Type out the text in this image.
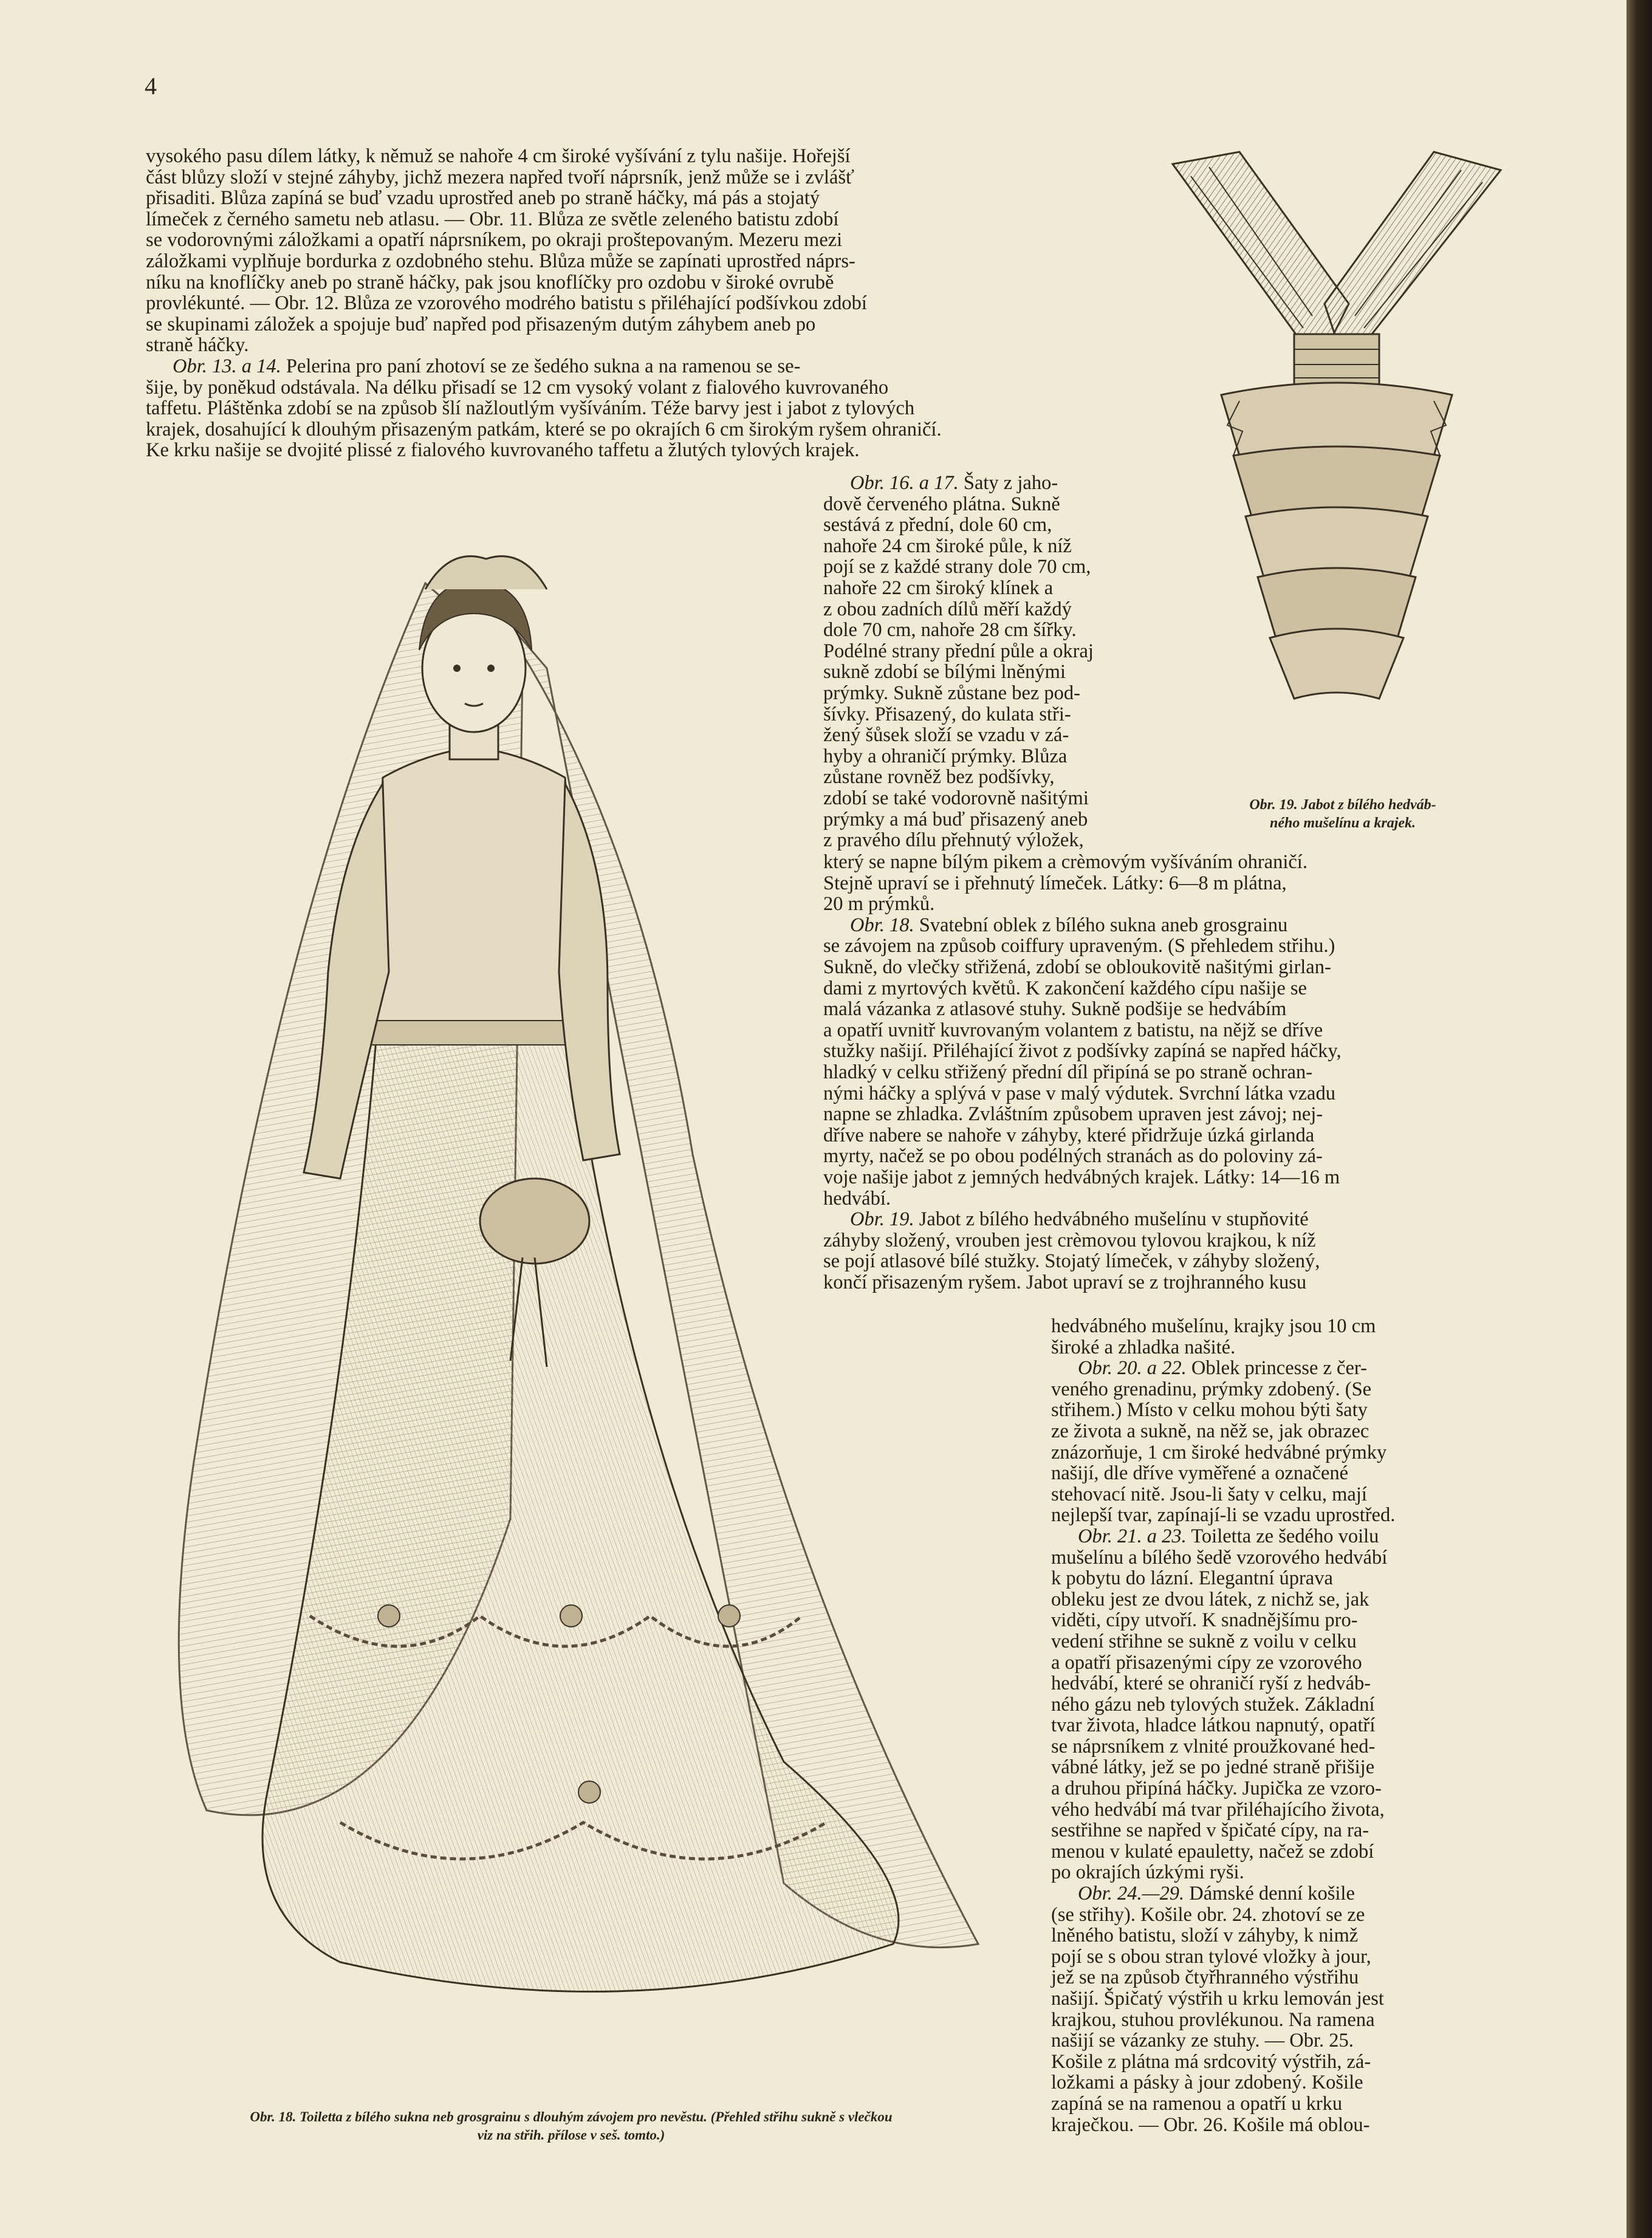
4

vysokého pasu dílem látky, k němuž se nahoře 4 cm široké vyšívání z tylu našije. Hořejší
část blůzy složí v stejné záhyby, jichž mezera napřed tvoří náprsník, jenž může se i zvlášť
přisaditi. Blůza zapíná se buď vzadu uprostřed aneb po straně háčky, má pás a stojatý
límeček z černého sametu neb atlasu. — Obr. 11. Blůza ze světle zeleného batistu zdobí
se vodorovnými záložkami a opatří náprsníkem, po okraji proštepovaným. Mezeru mezi
záložkami vyplňuje bordurka z ozdobného stehu. Blůza může se zapínati uprostřed náprs-
níku na knoflíčky aneb po straně háčky, pak jsou knoflíčky pro ozdobu v široké ovrubě
provlékunté. — Obr. 12. Blůza ze vzorového modrého batistu s přiléhající podšívkou zdobí
se skupinami záložek a spojuje buď napřed pod přisazeným dutým záhybem aneb po
straně háčky.

Obr. 13. a 14. Pelerina pro paní zhotoví se ze šedého sukna a na ramenou se se-
šije, by poněkud odstávala. Na délku přisadí se 12 cm vysoký volant z fialového kuvrovaného
taffetu. Pláštěnka zdobí se na způsob šlí nažloutlým vyšíváním. Téže barvy jest i jabot z tylových
krajek, dosahující k dlouhým přisazeným patkám, které se po okrajích 6 cm širokým ryšem ohraničí.
Ke krku našije se dvojité plissé z fialového kuvrovaného taffetu a žlutých tylových krajek.

Obr. 19. Jabot z bílého hedváb-
ného mušelínu a krajek.

Obr. 16. a 17. Šaty z jaho-
dově červeného plátna. Sukně
sestává z přední, dole 60 cm,
nahoře 24 cm široké půle, k níž
pojí se z každé strany dole 70 cm,
nahoře 22 cm široký klínek a
z obou zadních dílů měří každý
dole 70 cm, nahoře 28 cm šířky.
Podélné strany přední půle a okraj
sukně zdobí se bílými lněnými
prýmky. Sukně zůstane bez pod-
šívky. Přisazený, do kulata stři-
žený šůsek složí se vzadu v zá-
hyby a ohraničí prýmky. Blůza
zůstane rovněž bez podšívky,
zdobí se také vodorovně našitými
prýmky a má buď přisazený aneb
z pravého dílu přehnutý výložek,

který se napne bílým pikem a crèmovým vyšíváním ohraničí.
Stejně upraví se i přehnutý límeček. Látky: 6—8 m plátna,
20 m prýmků.

Obr. 18. Svatební oblek z bílého sukna aneb grosgrainu
se závojem na způsob coiffury upraveným. (S přehledem střihu.)
Sukně, do vlečky střižená, zdobí se obloukovitě našitými girlan-
dami z myrtových květů. K zakončení každého cípu našije se
malá vázanka z atlasové stuhy. Sukně podšije se hedvábím
a opatří uvnitř kuvrovaným volantem z batistu, na nějž se dříve
stužky našijí. Přiléhající život z podšívky zapíná se napřed háčky,
hladký v celku střižený přední díl připíná se po straně ochran-
nými háčky a splývá v pase v malý výdutek. Svrchní látka vzadu
napne se zhladka. Zvláštním způsobem upraven jest závoj; nej-
dříve nabere se nahoře v záhyby, které přidržuje úzká girlanda
myrty, načež se po obou podélných stranách as do poloviny zá-
voje našije jabot z jemných hedvábných krajek. Látky: 14—16 m
hedvábí.

Obr. 19. Jabot z bílého hedvábného mušelínu v stupňovité
záhyby složený, vrouben jest crèmovou tylovou krajkou, k níž
se pojí atlasové bílé stužky. Stojatý límeček, v záhyby složený,
končí přisazeným ryšem. Jabot upraví se z trojhranného kusu

hedvábného mušelínu, krajky jsou 10 cm
široké a zhladka našité.

Obr. 20. a 22. Oblek princesse z čer-
veného grenadinu, prýmky zdobený. (Se
střihem.) Místo v celku mohou býti šaty
ze života a sukně, na něž se, jak obrazec
znázorňuje, 1 cm široké hedvábné prýmky
našijí, dle dříve vyměřené a označené
stehovací nitě. Jsou-li šaty v celku, mají
nejlepší tvar, zapínají-li se vzadu uprostřed.

Obr. 21. a 23. Toiletta ze šedého voilu
mušelínu a bílého šedě vzorového hedvábí
k pobytu do lázní. Elegantní úprava
obleku jest ze dvou látek, z nichž se, jak
viděti, cípy utvoří. K snadnějšímu pro-
vedení střihne se sukně z voilu v celku
a opatří přisazenými cípy ze vzorového
hedvábí, které se ohraničí ryší z hedváb-
ného gázu neb tylových stužek. Základní
tvar života, hladce látkou napnutý, opatří
se náprsníkem z vlnité proužkované hed-
vábné látky, jež se po jedné straně přišije
a druhou připíná háčky. Jupička ze vzoro-
vého hedvábí má tvar přiléhajícího života,
sestřihne se napřed v špičaté cípy, na ra-
menou v kulaté epauletty, načež se zdobí
po okrajích úzkými ryši.

Obr. 24.—29. Dámské denní košile
(se střihy). Košile obr. 24. zhotoví se ze
lněného batistu, složí v záhyby, k nimž
pojí se s obou stran tylové vložky à jour,
jež se na způsob čtyřhranného výstřihu
našijí. Špičatý výstřih u krku lemován jest
krajkou, stuhou provlékunou. Na ramena
našijí se vázanky ze stuhy. — Obr. 25.
Košile z plátna má srdcovitý výstřih, zá-
ložkami a pásky à jour zdobený. Košile
zapíná se na ramenou a opatří u krku
kraječkou. — Obr. 26. Košile má oblou-

Obr. 18. Toiletta z bílého sukna neb grosgrainu s dlouhým závojem pro nevěstu. (Přehled střihu sukně s vlečkou
viz na střih. přílose v seš. tomto.)
